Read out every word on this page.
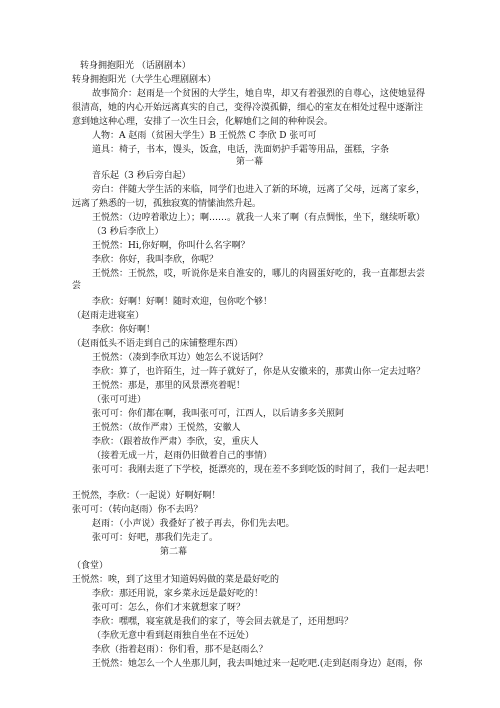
转身拥抱阳光 （话剧剧本）
转身拥抱阳光（大学生心理剧剧本）
故事简介：赵雨是一个贫困的大学生，她自卑，却又有着强烈的自尊心，这使她显得
很清高，她的内心开始远离真实的自己，变得冷漠孤僻，细心的室友在相处过程中逐渐注
意到她这种心理，安排了一次生日会，化解她们之间的种种误会。
人物：A 赵雨（贫困大学生）B 王悦然 C 李欣 D 张可可
道具：椅子，书本，馒头，饭盒，电话，洗面奶护手霜等用品，蛋糕，字条
第一幕
音乐起（3 秒后旁白起）
旁白：伴随大学生活的来临，同学们也进入了新的环境，远离了父母，远离了家乡，
远离了熟悉的一切，孤独寂寞的情愫油然升起。
王悦然：（边哼着歌边上）；啊……。就我一人来了啊（有点惆怅，坐下，继续听歌）
（3 秒后李欣上）
王悦然：Hi,你好啊，你叫什么名字啊？
李欣：你好，我叫李欣，你呢？
王悦然：王悦然，哎，听说你是来自淮安的，哪儿的肉圆蛋好吃的，我一直都想去尝
尝
李欣：好啊！好啊！随时欢迎，包你吃个够！
（赵雨走进寝室）
李欣：你好啊！
（赵雨低头不语走到自己的床铺整理东西）
王悦然：（凑到李欣耳边）她怎么不说话阿？
李欣：算了，也许陌生，过一阵子就好了，你是从安徽来的，那黄山你一定去过咯？
王悦然：那是，那里的风景漂亮着呢！
（张可可进）
张可可：你们都在啊，我叫张可可，江西人，以后请多多关照阿
王悦然：（故作严肃）王悦然，安徽人
李欣：（跟着故作严肃）李欣，安，重庆人
（接着无成一片，赵雨仍旧做着自己的事情）
张可可：我刚去逛了下学校，挺漂亮的，现在差不多到吃饭的时间了，我们一起去吧！
王悦然，李欣：（一起说）好啊好啊！
张可可：（转向赵雨）你不去吗？
赵雨：（小声说）我叠好了被子再去，你们先去吧。
张可可：好吧，那我们先走了。
第二幕
（食堂）
王悦然：唉，到了这里才知道妈妈做的菜是最好吃的
李欣：那还用说，家乡菜永远是最好吃的！
张可可：怎么，你们才来就想家了呀？
李欣：嘿嘿，寝室就是我们的家了，等会回去就是了，还用想吗？
（李欣无意中看到赵雨独自坐在不远处）
李欣（指着赵雨）：你们看，那不是赵雨么？
王悦然：她怎么一个人坐那儿阿，我去叫她过来一起吃吧.(走到赵雨身边）赵雨，你
